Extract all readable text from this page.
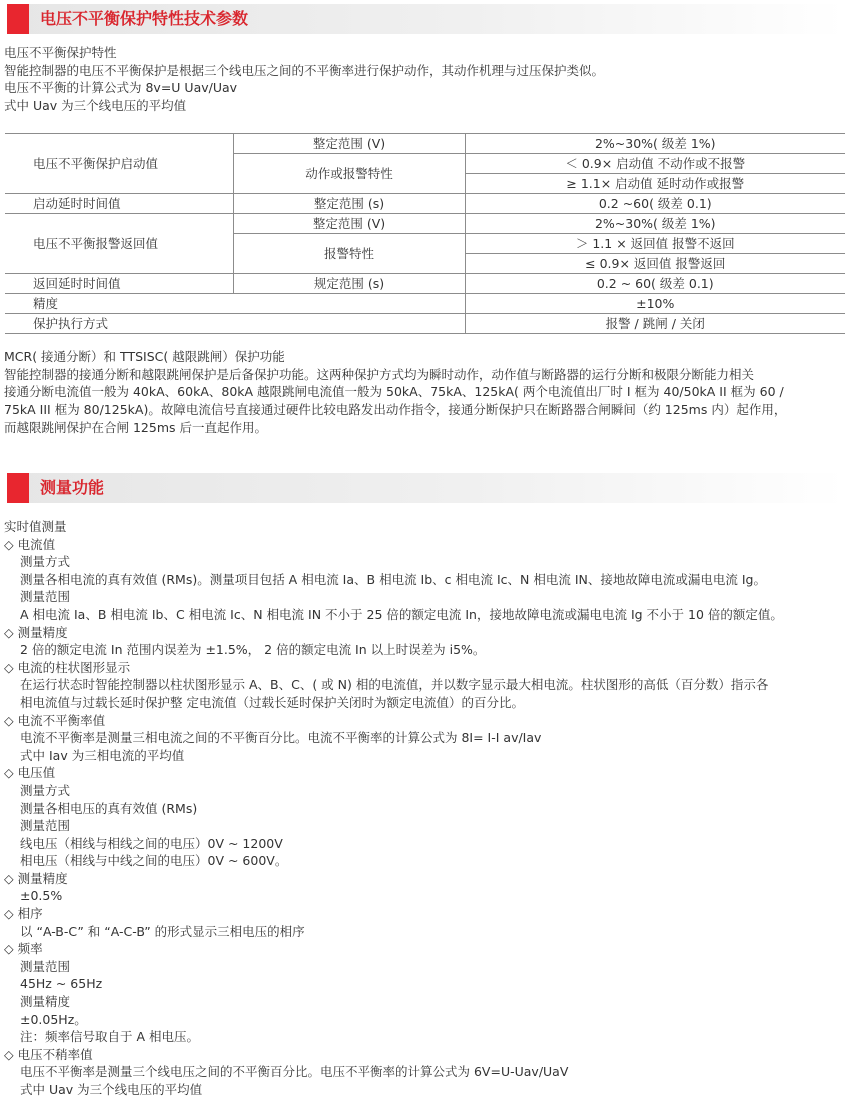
电压不平衡保护特性技术参数
电压不平衡保护特性
智能控制器的电压不平衡保护是根据三个线电压之间的不平衡率进行保护动作，其动作机理与过压保护类似。
电压不平衡的计算公式为 8v=U Uav/Uav
式中 Uav 为三个线电压的平均值
电压不平衡保护启动值	整定范围 (V)	2%~30%( 级差 1%)
	动作或报警特性	＜ 0.9× 启动值 不动作或不报警
		≥ 1.1× 启动值 延时动作或报警
启动延时时间值	整定范围 (s)	0.2 ~60( 级差 0.1)
电压不平衡报警返回值	整定范围 (V)	2%~30%( 级差 1%)
	报警特性	＞ 1.1 × 返回值 报警不返回
		≤ 0.9× 返回值 报警返回
返回延时时间值	规定范围 (s)	0.2 ~ 60( 级差 0.1)
精度		±10%
保护执行方式		报警 / 跳闸 / 关闭
MCR( 接通分断）和 TTSISC( 越限跳闸）保护功能
智能控制器的接通分断和越限跳闸保护是后备保护功能。这两种保护方式均为瞬时动作，动作值与断路器的运行分断和极限分断能力相关
接通分断电流值一般为 40kA、60kA、80kA 越限跳闸电流值一般为 50kA、75kA、125kA( 两个电流值出厂时 I 框为 40/50kA II 框为 60 /
75kA III 框为 80/125kA)。故障电流信号直接通过硬件比较电路发出动作指令，接通分断保护只在断路器合闸瞬间（约 125ms 内）起作用，
而越限跳闸保护在合闸 125ms 后一直起作用。
测量功能
实时值测量
◇ 电流值
测量方式
测量各相电流的真有效值 (RMs)。测量项目包括 A 相电流 Ia、B 相电流 Ib、c 相电流 Ic、N 相电流 IN、接地故障电流或漏电电流 Ig。
测量范围
A 相电流 Ia、B 相电流 Ib、C 相电流 Ic、N 相电流 IN 不小于 25 倍的额定电流 In，接地故障电流或漏电电流 Ig 不小于 10 倍的额定值。
◇ 测量精度
2 倍的额定电流 In 范围内误差为 ±1.5%， 2 倍的额定电流 In 以上时误差为 i5%。
◇ 电流的柱状图形显示
在运行状态时智能控制器以柱状图形显示 A、B、C、( 或 N) 相的电流值，并以数字显示最大相电流。柱状图形的高低（百分数）指示各
相电流值与过载长延时保护整 定电流值（过载长延时保护关闭时为额定电流值）的百分比。
◇ 电流不平衡率值
电流不平衡率是测量三相电流之间的不平衡百分比。电流不平衡率的计算公式为 8I= I-I av/Iav
式中 Iav 为三相电流的平均值
◇ 电压值
测量方式
测量各相电压的真有效值 (RMs)
测量范围
线电压（相线与相线之间的电压）0V ~ 1200V
相电压（相线与中线之间的电压）0V ~ 600V。
◇ 测量精度
±0.5%
◇ 相序
以 “A-B-C” 和 “A-C-B” 的形式显示三相电压的相序
◇ 频率
测量范围
45Hz ~ 65Hz
测量精度
±0.05Hz。
注：频率信号取自于 A 相电压。
◇ 电压不稍率值
电压不平衡率是测量三个线电压之间的不平衡百分比。电压不平衡率的计算公式为 6V=U-Uav/UaV
式中 Uav 为三个线电压的平均值
